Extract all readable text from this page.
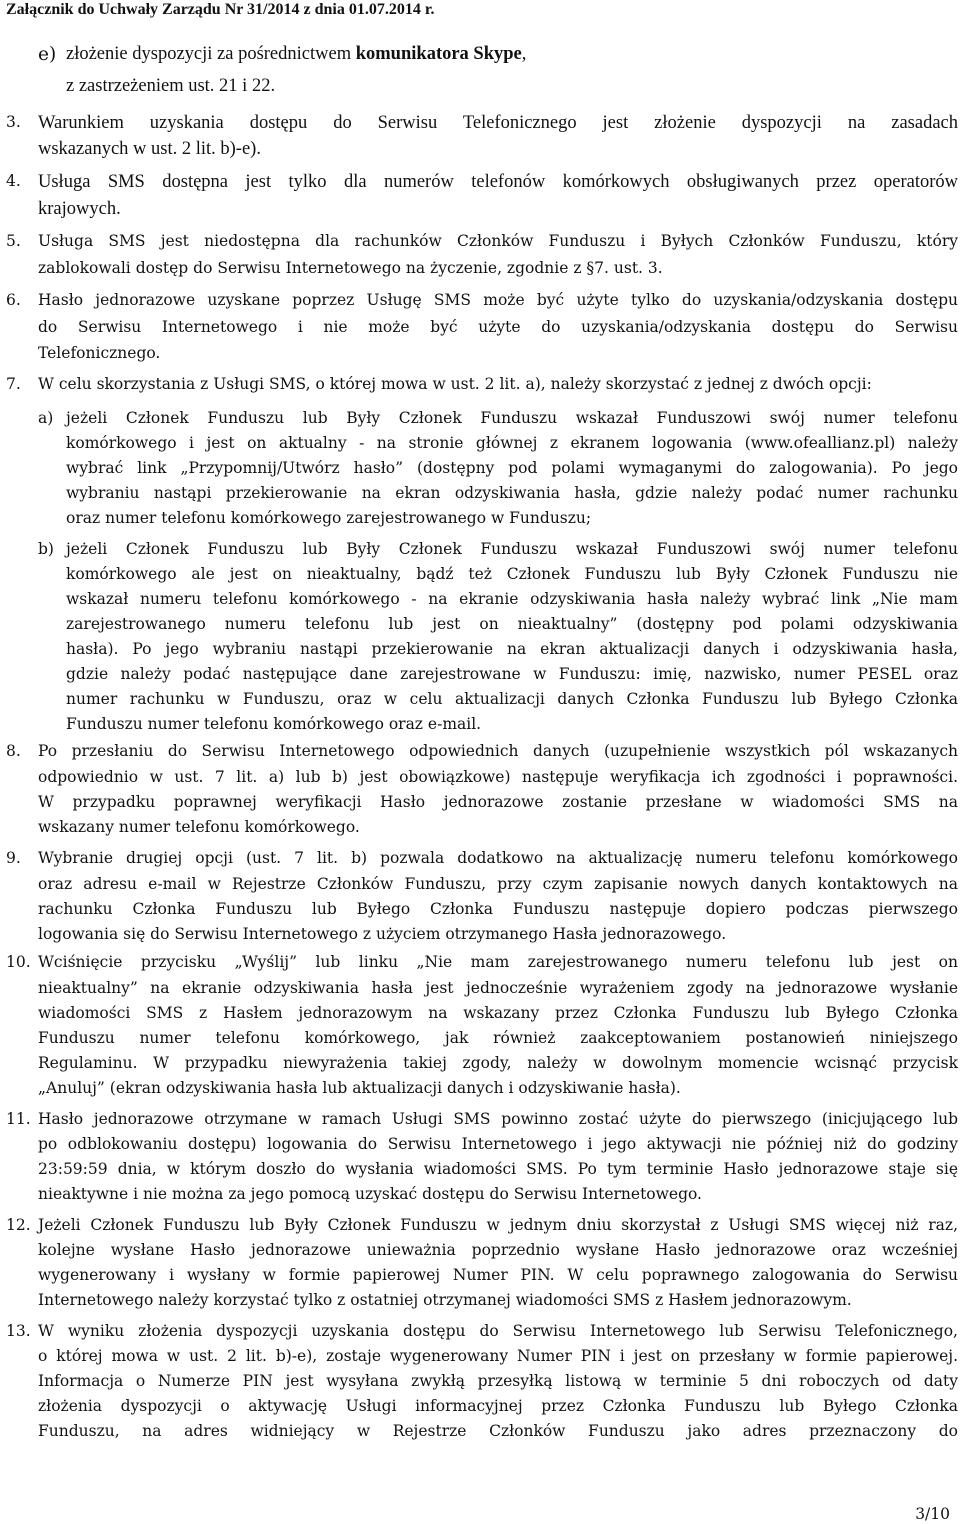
Załącznik do Uchwały Zarządu Nr 31/2014 z dnia 01.07.2014 r.
e) złożenie dyspozycji za pośrednictwem komunikatora Skype,
z zastrzeżeniem ust. 21 i 22.
3. Warunkiem uzyskania dostępu do Serwisu Telefonicznego jest złożenie dyspozycji na zasadach
wskazanych w ust. 2 lit. b)-e).
4. Usługa SMS dostępna jest tylko dla numerów telefonów komórkowych obsługiwanych przez operatorów
krajowych.
5. Usługa SMS jest niedostępna dla rachunków Członków Funduszu i Byłych Członków Funduszu, który
zablokowali dostęp do Serwisu Internetowego na życzenie, zgodnie z §7. ust. 3.
6. Hasło jednorazowe uzyskane poprzez Usługę SMS może być użyte tylko do uzyskania/odzyskania dostępu
do Serwisu Internetowego i nie może być użyte do uzyskania/odzyskania dostępu do Serwisu
Telefonicznego.
7. W celu skorzystania z Usługi SMS, o której mowa w ust. 2 lit. a), należy skorzystać z jednej z dwóch opcji:
a) jeżeli Członek Funduszu lub Były Członek Funduszu wskazał Funduszowi swój numer telefonu
komórkowego i jest on aktualny - na stronie głównej z ekranem logowania (www.ofeallianz.pl) należy
wybrać link „Przypomnij/Utwórz hasło” (dostępny pod polami wymaganymi do zalogowania). Po jego
wybraniu nastąpi przekierowanie na ekran odzyskiwania hasła, gdzie należy podać numer rachunku
oraz numer telefonu komórkowego zarejestrowanego w Funduszu;
b) jeżeli Członek Funduszu lub Były Członek Funduszu wskazał Funduszowi swój numer telefonu
komórkowego ale jest on nieaktualny, bądź też Członek Funduszu lub Były Członek Funduszu nie
wskazał numeru telefonu komórkowego - na ekranie odzyskiwania hasła należy wybrać link „Nie mam
zarejestrowanego numeru telefonu lub jest on nieaktualny” (dostępny pod polami odzyskiwania
hasła). Po jego wybraniu nastąpi przekierowanie na ekran aktualizacji danych i odzyskiwania hasła,
gdzie należy podać następujące dane zarejestrowane w Funduszu: imię, nazwisko, numer PESEL oraz
numer rachunku w Funduszu, oraz w celu aktualizacji danych Członka Funduszu lub Byłego Członka
Funduszu numer telefonu komórkowego oraz e-mail.
8. Po przesłaniu do Serwisu Internetowego odpowiednich danych (uzupełnienie wszystkich pól wskazanych
odpowiednio w ust. 7 lit. a) lub b) jest obowiązkowe) następuje weryfikacja ich zgodności i poprawności.
W przypadku poprawnej weryfikacji Hasło jednorazowe zostanie przesłane w wiadomości SMS na
wskazany numer telefonu komórkowego.
9. Wybranie drugiej opcji (ust. 7 lit. b) pozwala dodatkowo na aktualizację numeru telefonu komórkowego
oraz adresu e-mail w Rejestrze Członków Funduszu, przy czym zapisanie nowych danych kontaktowych na
rachunku Członka Funduszu lub Byłego Członka Funduszu następuje dopiero podczas pierwszego
logowania się do Serwisu Internetowego z użyciem otrzymanego Hasła jednorazowego.
10. Wciśnięcie przycisku „Wyślij” lub linku „Nie mam zarejestrowanego numeru telefonu lub jest on
nieaktualny” na ekranie odzyskiwania hasła jest jednocześnie wyrażeniem zgody na jednorazowe wysłanie
wiadomości SMS z Hasłem jednorazowym na wskazany przez Członka Funduszu lub Byłego Członka
Funduszu numer telefonu komórkowego, jak również zaakceptowaniem postanowień niniejszego
Regulaminu. W przypadku niewyrażenia takiej zgody, należy w dowolnym momencie wcisnąć przycisk
„Anuluj” (ekran odzyskiwania hasła lub aktualizacji danych i odzyskiwanie hasła).
11. Hasło jednorazowe otrzymane w ramach Usługi SMS powinno zostać użyte do pierwszego (inicjującego lub
po odblokowaniu dostępu) logowania do Serwisu Internetowego i jego aktywacji nie później niż do godziny
23:59:59 dnia, w którym doszło do wysłania wiadomości SMS. Po tym terminie Hasło jednorazowe staje się
nieaktywne i nie można za jego pomocą uzyskać dostępu do Serwisu Internetowego.
12. Jeżeli Członek Funduszu lub Były Członek Funduszu w jednym dniu skorzystał z Usługi SMS więcej niż raz,
kolejne wysłane Hasło jednorazowe unieważnia poprzednio wysłane Hasło jednorazowe oraz wcześniej
wygenerowany i wysłany w formie papierowej Numer PIN. W celu poprawnego zalogowania do Serwisu
Internetowego należy korzystać tylko z ostatniej otrzymanej wiadomości SMS z Hasłem jednorazowym.
13. W wyniku złożenia dyspozycji uzyskania dostępu do Serwisu Internetowego lub Serwisu Telefonicznego,
o której mowa w ust. 2 lit. b)-e), zostaje wygenerowany Numer PIN i jest on przesłany w formie papierowej.
Informacja o Numerze PIN jest wysyłana zwykłą przesyłką listową w terminie 5 dni roboczych od daty
złożenia dyspozycji o aktywację Usługi informacyjnej przez Członka Funduszu lub Byłego Członka
Funduszu, na adres widniejący w Rejestrze Członków Funduszu jako adres przeznaczony do
3/10
